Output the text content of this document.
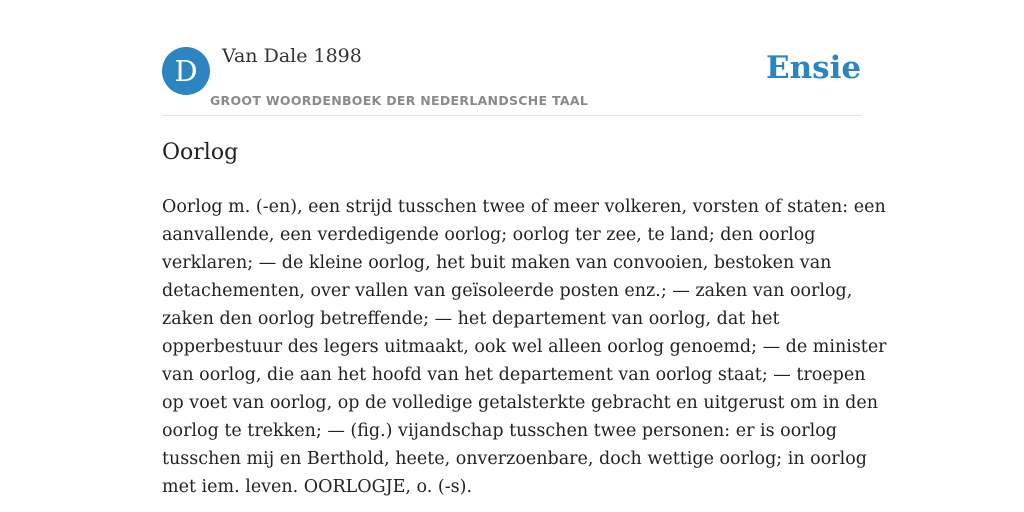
D	Van Dale 1898
GROOT WOORDENBOEK DER NEDERLANDSCHE TAAL
Ensie
Oorlog
Oorlog m. (-en), een strijd tusschen twee of meer volkeren, vorsten of staten: een
aanvallende, een verdedigende oorlog; oorlog ter zee, te land; den oorlog
verklaren; — de kleine oorlog, het buit maken van convooien, bestoken van
detachementen, over vallen van geïsoleerde posten enz.; — zaken van oorlog,
zaken den oorlog betreffende; — het departement van oorlog, dat het
opperbestuur des legers uitmaakt, ook wel alleen oorlog genoemd; — de minister
van oorlog, die aan het hoofd van het departement van oorlog staat; — troepen
op voet van oorlog, op de volledige getalsterkte gebracht en uitgerust om in den
oorlog te trekken; — (fig.) vijandschap tusschen twee personen: er is oorlog
tusschen mij en Berthold, heete, onverzoenbare, doch wettige oorlog; in oorlog
met iem. leven. OORLOGJE, o. (-s).
